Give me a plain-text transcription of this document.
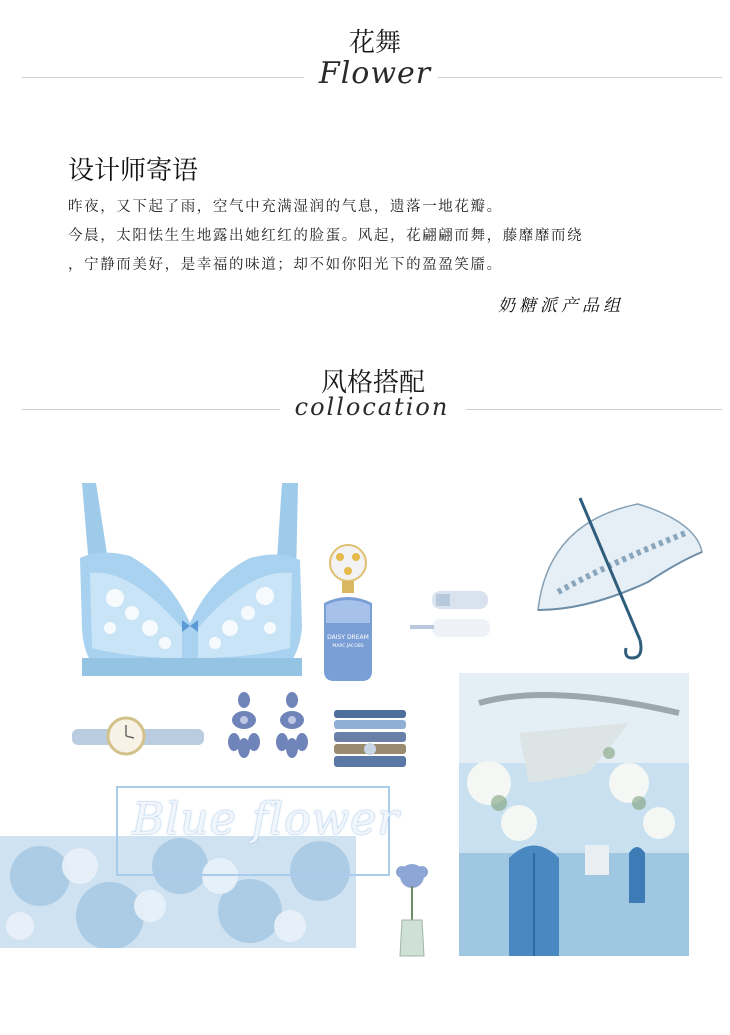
花舞
Flower
设计师寄语
昨夜，又下起了雨，空气中充满湿润的气息，遗落一地花瓣。
今晨，太阳怯生生地露出她红红的脸蛋。风起，花翩翩而舞，藤靡靡而绕
，宁静而美好，是幸福的味道；却不如你阳光下的盈盈笑靥。
奶糖派产品组
风格搭配
collocation
DAISY DREAM
MARC JACOBS
Blue flower
